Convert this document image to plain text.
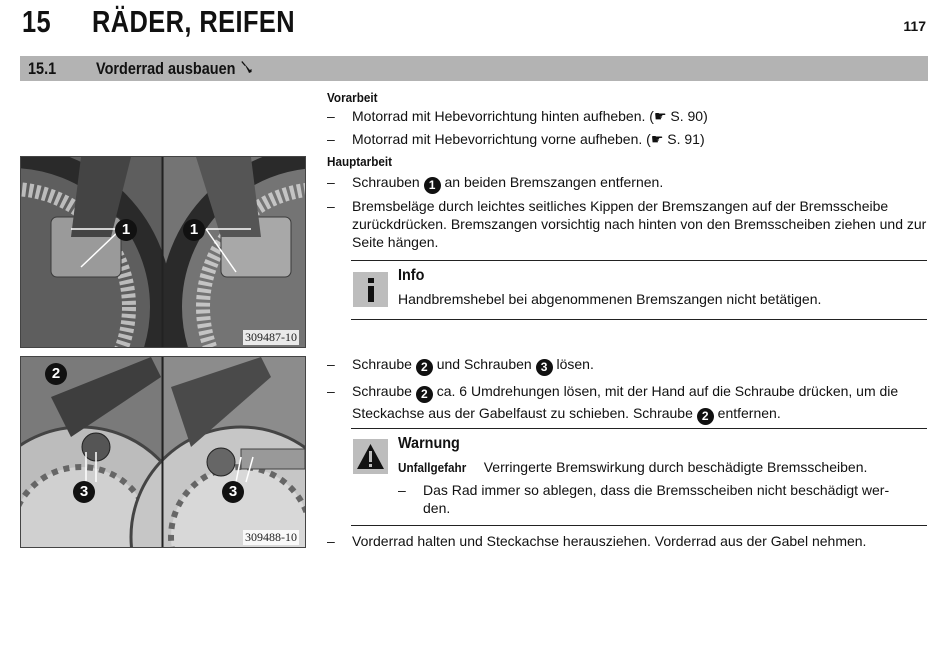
15 RÄDER, REIFEN	117
15.1 Vorderrad ausbauen
1	1
309487-10
2
3	3
309488-10
Vorarbeit
–	Motorrad mit Hebevorrichtung hinten aufheben. (☛ S. 90)
–	Motorrad mit Hebevorrichtung vorne aufheben. (☛ S. 91)
Hauptarbeit
–	Schrauben 1 an beiden Bremszangen entfernen.
–	Bremsbeläge durch leichtes seitliches Kippen der Bremszangen auf der Bremsscheibe zurückdrücken. Bremszangen vorsichtig nach hinten von den Bremsscheiben ziehen und zur Seite hängen.
Info
Handbremshebel bei abgenommenen Bremszangen nicht betätigen.
–	Schraube 2 und Schrauben 3 lösen.
–	Schraube 2 ca. 6 Umdrehungen lösen, mit der Hand auf die Schraube drücken, um die Steckachse aus der Gabelfaust zu schieben. Schraube 2 entfernen.
Warnung
Unfallgefahr Verringerte Bremswirkung durch beschädigte Bremsscheiben.
– Das Rad immer so ablegen, dass die Bremsscheiben nicht beschädigt wer-
den.
–	Vorderrad halten und Steckachse herausziehen. Vorderrad aus der Gabel nehmen.
